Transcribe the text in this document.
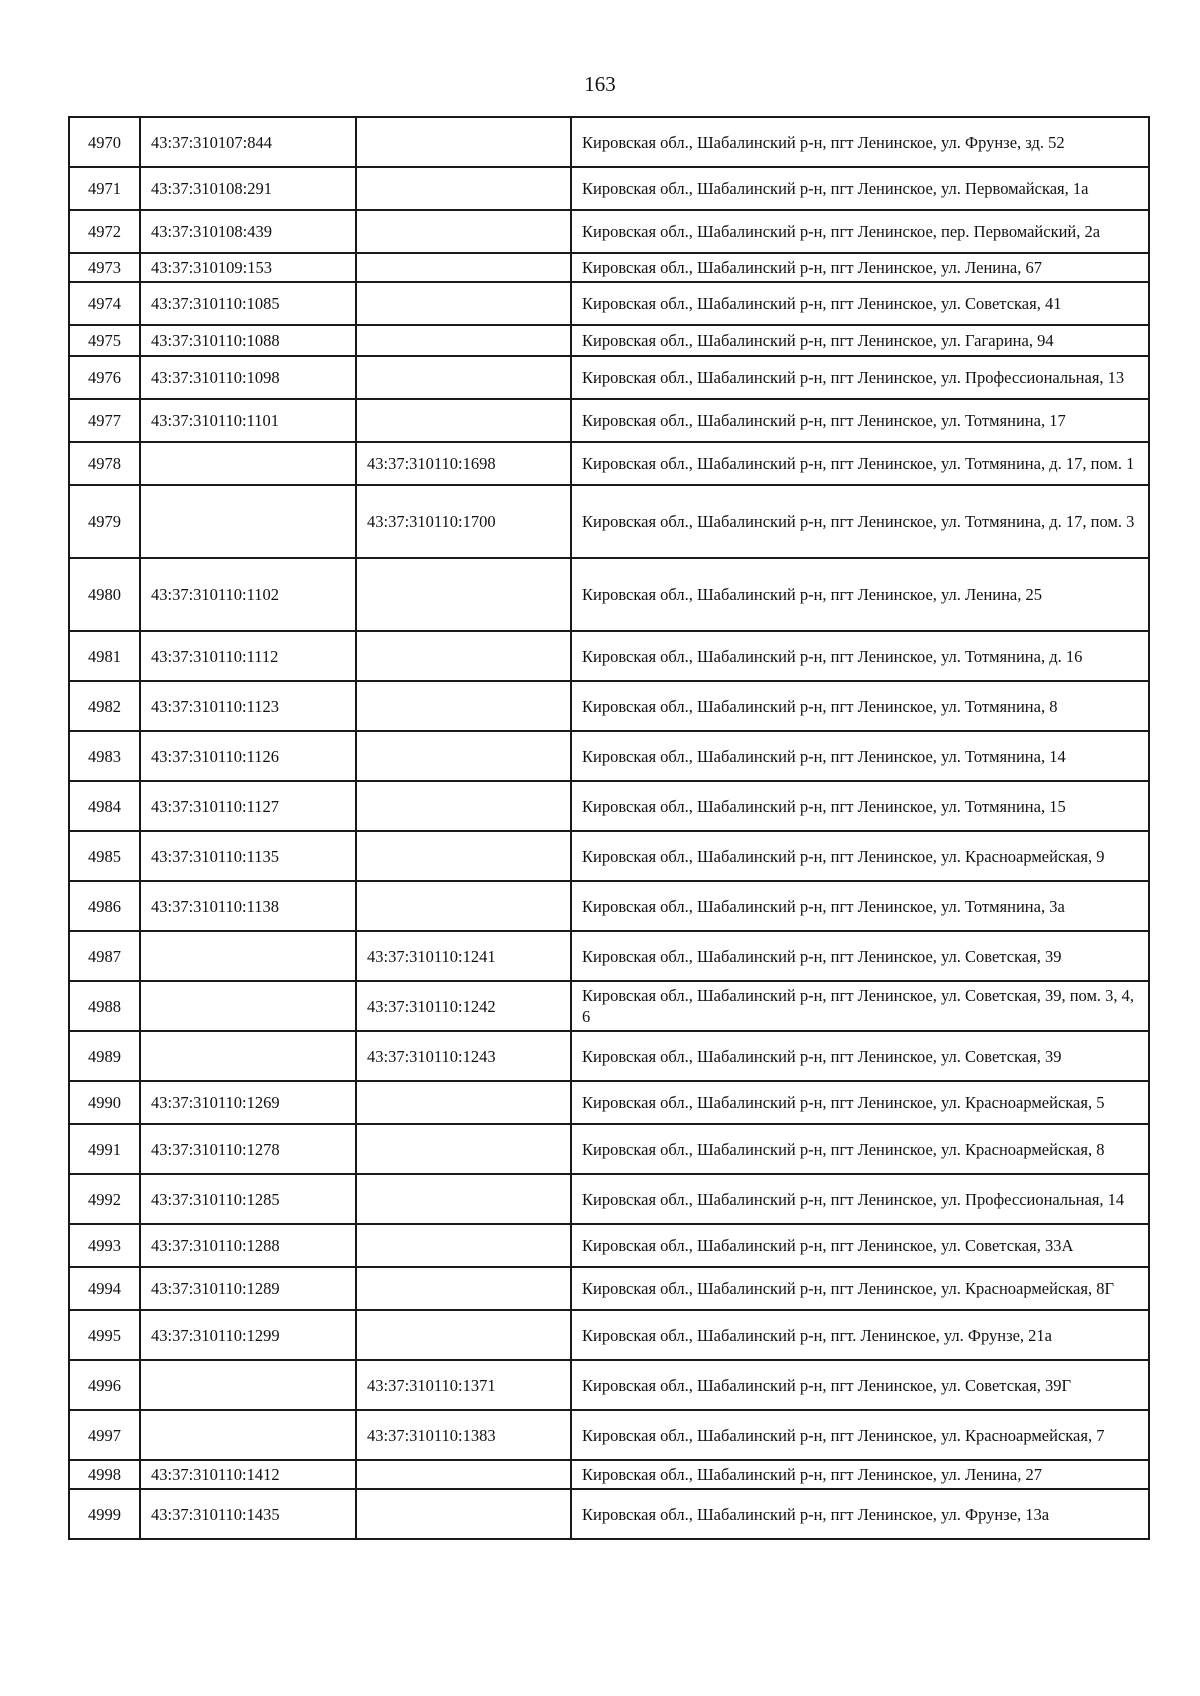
163
4970	43:37:310107:844		Кировская обл., Шабалинский р-н, пгт Ленинское, ул. Фрунзе, зд. 52
4971	43:37:310108:291		Кировская обл., Шабалинский р-н, пгт Ленинское, ул. Первомайская, 1а
4972	43:37:310108:439		Кировская обл., Шабалинский р-н, пгт Ленинское, пер. Первомайский, 2а
4973	43:37:310109:153		Кировская обл., Шабалинский р-н, пгт Ленинское, ул. Ленина, 67
4974	43:37:310110:1085		Кировская обл., Шабалинский р-н, пгт Ленинское, ул. Советская, 41
4975	43:37:310110:1088		Кировская обл., Шабалинский р-н, пгт Ленинское, ул. Гагарина, 94
4976	43:37:310110:1098		Кировская обл., Шабалинский р-н, пгт Ленинское, ул. Профессиональная, 13
4977	43:37:310110:1101		Кировская обл., Шабалинский р-н, пгт Ленинское, ул. Тотмянина, 17
4978		43:37:310110:1698	Кировская обл., Шабалинский р-н, пгт Ленинское, ул. Тотмянина, д. 17, пом. 1
4979		43:37:310110:1700	Кировская обл., Шабалинский р-н, пгт Ленинское, ул. Тотмянина, д. 17, пом. 3
4980	43:37:310110:1102		Кировская обл., Шабалинский р-н, пгт Ленинское, ул. Ленина, 25
4981	43:37:310110:1112		Кировская обл., Шабалинский р-н, пгт Ленинское, ул. Тотмянина, д. 16
4982	43:37:310110:1123		Кировская обл., Шабалинский р-н, пгт Ленинское, ул. Тотмянина, 8
4983	43:37:310110:1126		Кировская обл., Шабалинский р-н, пгт Ленинское, ул. Тотмянина, 14
4984	43:37:310110:1127		Кировская обл., Шабалинский р-н, пгт Ленинское, ул. Тотмянина, 15
4985	43:37:310110:1135		Кировская обл., Шабалинский р-н, пгт Ленинское, ул. Красноармейская, 9
4986	43:37:310110:1138		Кировская обл., Шабалинский р-н, пгт Ленинское, ул. Тотмянина, 3а
4987		43:37:310110:1241	Кировская обл., Шабалинский р-н, пгт Ленинское, ул. Советская, 39
4988		43:37:310110:1242	Кировская обл., Шабалинский р-н, пгт Ленинское, ул. Советская, 39, пом. 3, 4, 6
4989		43:37:310110:1243	Кировская обл., Шабалинский р-н, пгт Ленинское, ул. Советская, 39
4990	43:37:310110:1269		Кировская обл., Шабалинский р-н, пгт Ленинское, ул. Красноармейская, 5
4991	43:37:310110:1278		Кировская обл., Шабалинский р-н, пгт Ленинское, ул. Красноармейская, 8
4992	43:37:310110:1285		Кировская обл., Шабалинский р-н, пгт Ленинское, ул. Профессиональная, 14
4993	43:37:310110:1288		Кировская обл., Шабалинский р-н, пгт Ленинское, ул. Советская, 33А
4994	43:37:310110:1289		Кировская обл., Шабалинский р-н, пгт Ленинское, ул. Красноармейская, 8Г
4995	43:37:310110:1299		Кировская обл., Шабалинский р-н, пгт. Ленинское, ул. Фрунзе, 21а
4996		43:37:310110:1371	Кировская обл., Шабалинский р-н, пгт Ленинское, ул. Советская, 39Г
4997		43:37:310110:1383	Кировская обл., Шабалинский р-н, пгт Ленинское, ул. Красноармейская, 7
4998	43:37:310110:1412		Кировская обл., Шабалинский р-н, пгт Ленинское, ул. Ленина, 27
4999	43:37:310110:1435		Кировская обл., Шабалинский р-н, пгт Ленинское, ул. Фрунзе, 13а
